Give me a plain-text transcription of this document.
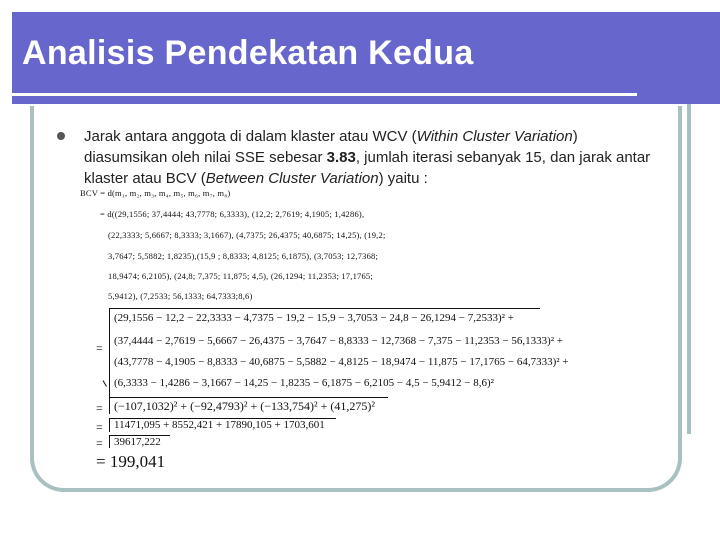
Analisis Pendekatan Kedua
Jarak antara anggota di dalam klaster atau WCV (Within Cluster Variation) diasumsikan oleh nilai SSE sebesar 3.83, jumlah iterasi sebanyak 15, dan jarak antar klaster atau BCV (Between Cluster Variation) yaitu :
BCV = d(m₁, m₂, m₃, m₄, m₅, m₆, m₇, m₈)
= d((29,1556; 37,4444; 43,7778; 6,3333), (12,2; 2,7619; 4,1905; 1,4286),
(22,3333; 5,6667; 8,3333; 3,1667), (4,7375; 26,4375; 40,6875; 14,25), (19,2;
3,7647; 5,5882; 1,8235),(15,9 ; 8,8333; 4,8125; 6,1875), (3,7053; 12,7368;
18,9474; 6,2105), (24,8; 7,375; 11,875; 4,5), (26,1294; 11,2353; 17,1765;
5,9412), (7,2533; 56,1333; 64,7333;8,6)
=
(29,1556 − 12,2 − 22,3333 − 4,7375 − 19,2 − 15,9 − 3,7053 − 24,8 − 26,1294 − 7,2533)² +
(37,4444 − 2,7619 − 5,6667 − 26,4375 − 3,7647 − 8,8333 − 12,7368 − 7,375 − 11,2353 − 56,1333)² +
(43,7778 − 4,1905 − 8,8333 − 40,6875 − 5,5882 − 4,8125 − 18,9474 − 11,875 − 17,1765 − 64,7333)² +
(6,3333 − 1,4286 − 3,1667 − 14,25 − 1,8235 − 6,1875 − 6,2105 − 4,5 − 5,9412 − 8,6)²
= (−107,1032)² + (−92,4793)² + (−133,754)² + (41,275)²
= 11471,095 + 8552,421 + 17890,105 + 1703,601
= 39617,222
= 199,041
